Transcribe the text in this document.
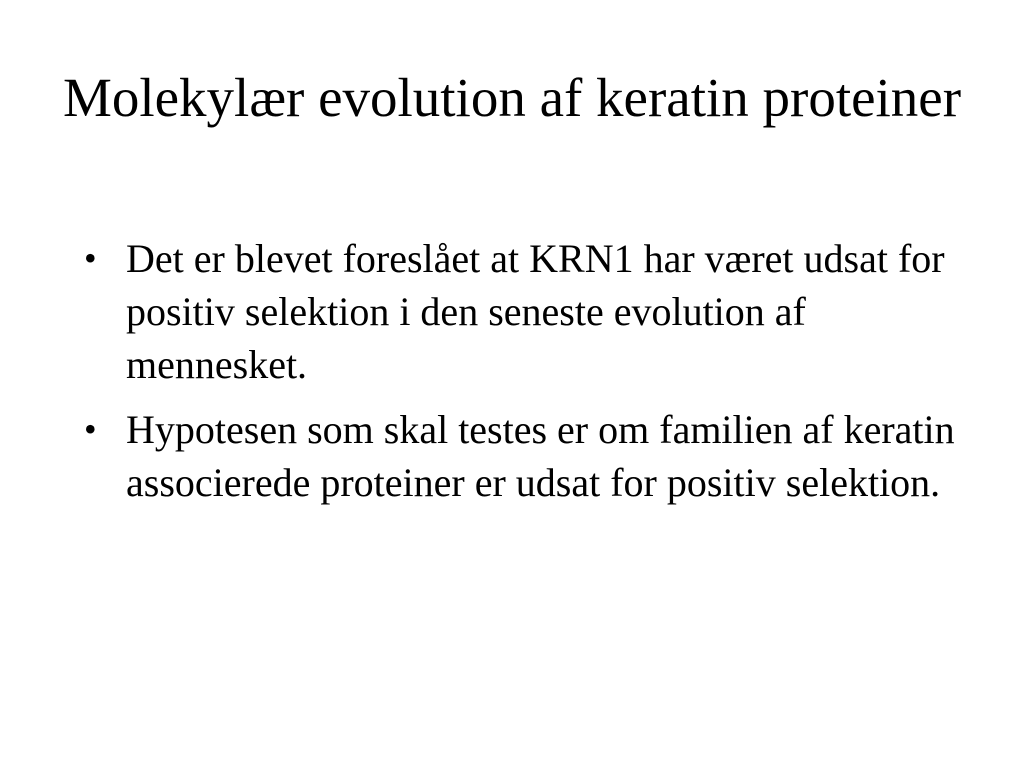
Molekylær evolution af keratin proteiner
• Det er blevet foreslået at KRN1 har været udsat for positiv selektion i den seneste evolution af mennesket.
• Hypotesen som skal testes er om familien af keratin associerede proteiner er udsat for positiv selektion.
